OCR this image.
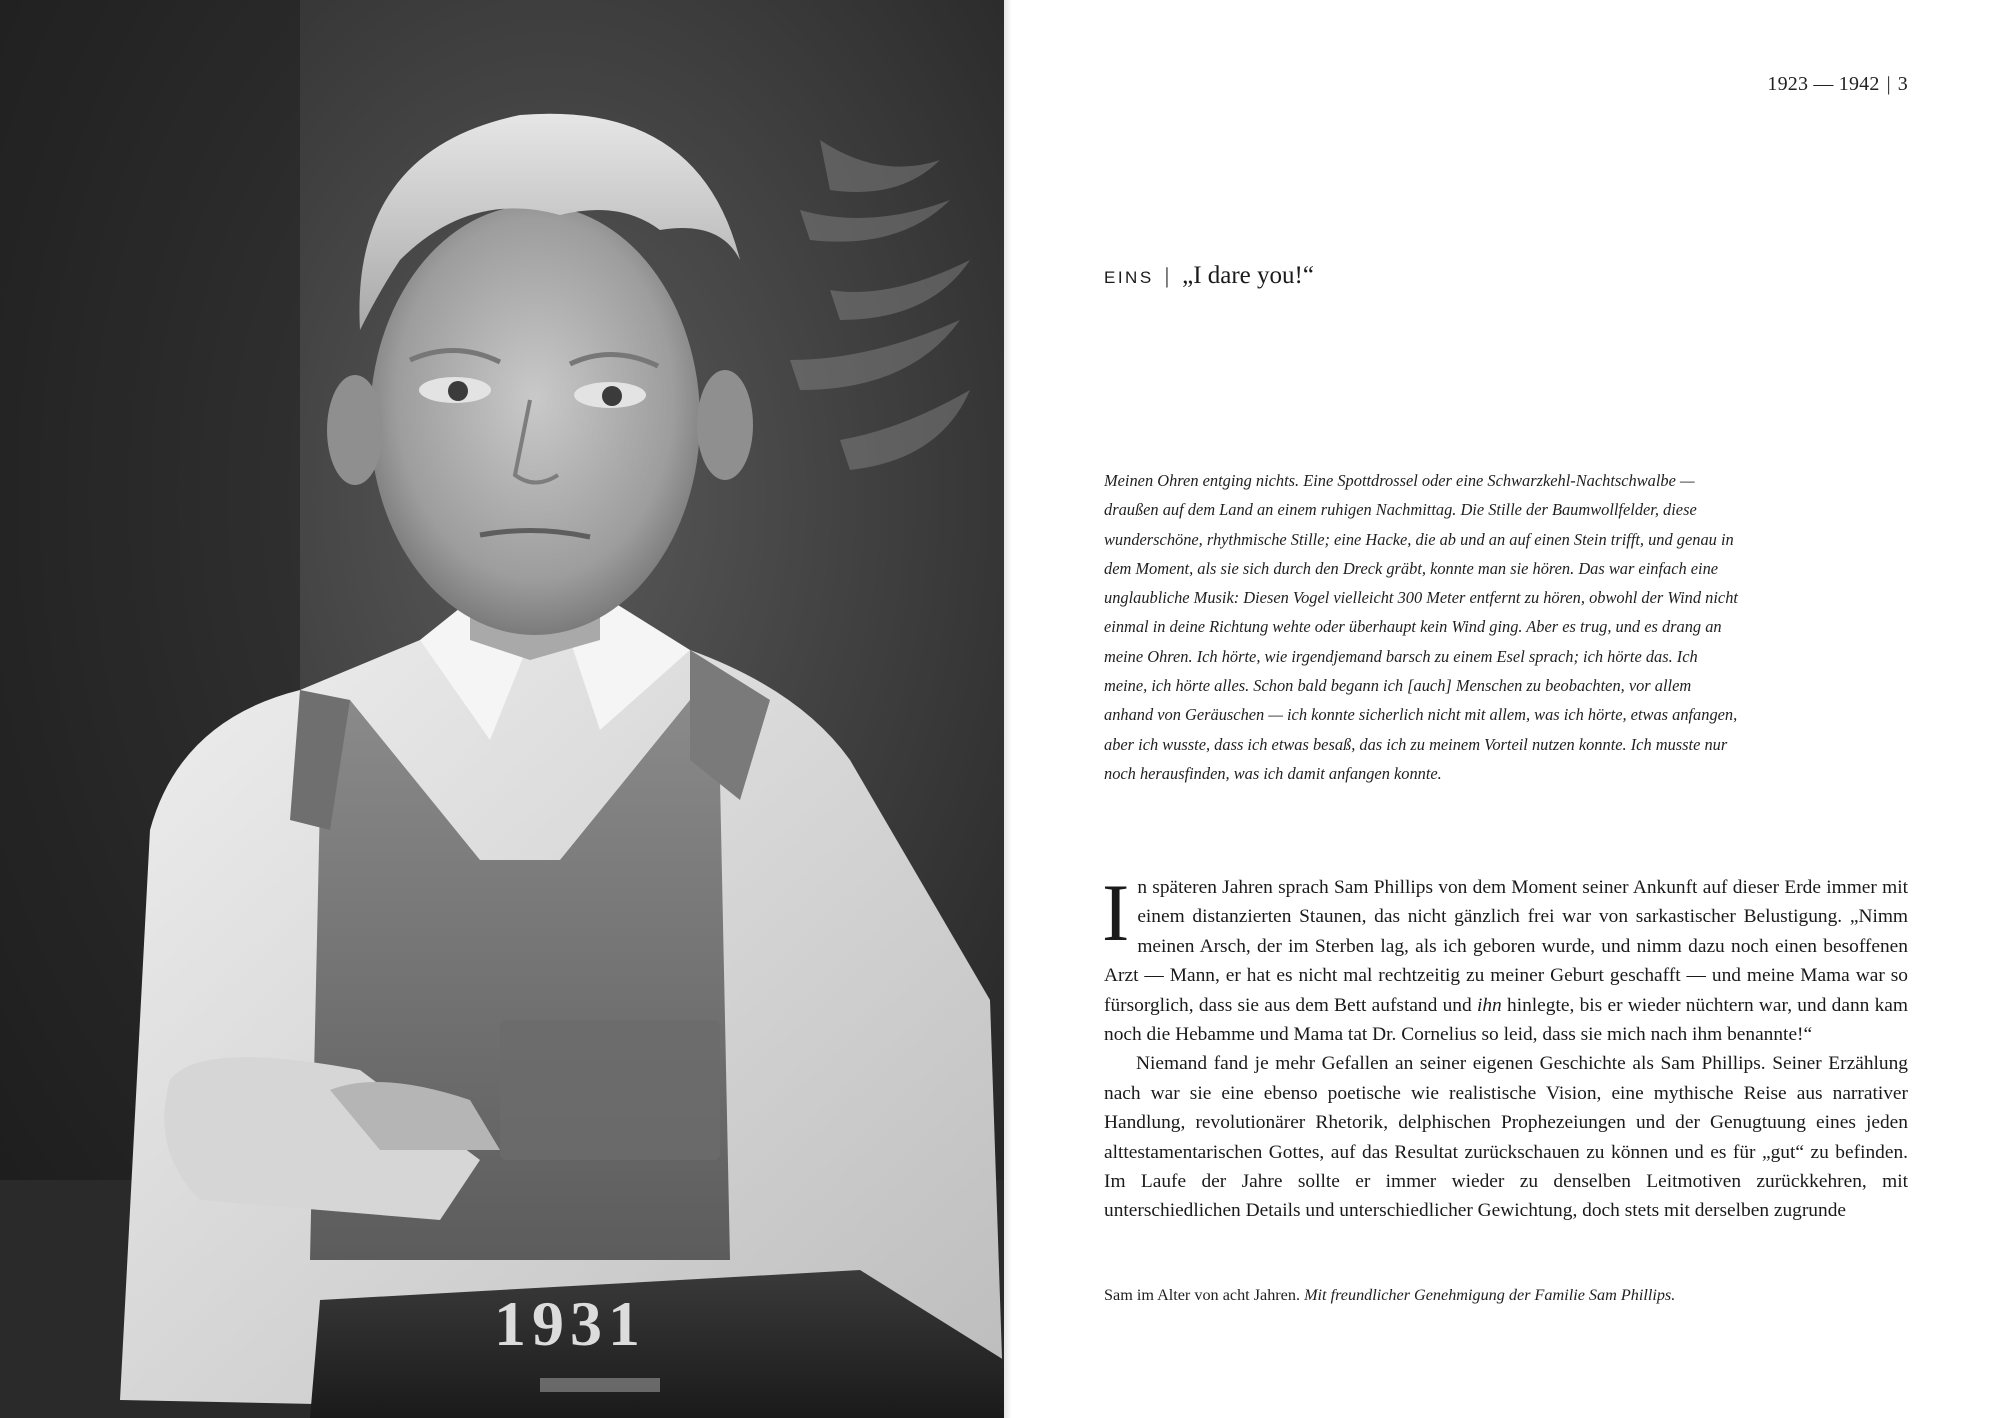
1931
1923 — 1942 | 3
EINS | „I dare you!“

Meinen Ohren entging nichts. Eine Spottdrossel oder eine Schwarzkehl-Nachtschwalbe — draußen auf dem Land an einem ruhigen Nachmittag. Die Stille der Baumwollfelder, diese wunderschöne, rhythmische Stille; eine Hacke, die ab und an auf einen Stein trifft, und genau in dem Moment, als sie sich durch den Dreck gräbt, konnte man sie hören. Das war einfach eine unglaubliche Musik: Diesen Vogel vielleicht 300 Meter entfernt zu hören, obwohl der Wind nicht einmal in deine Richtung wehte oder überhaupt kein Wind ging. Aber es trug, und es drang an meine Ohren. Ich hörte, wie irgendjemand barsch zu einem Esel sprach; ich hörte das. Ich meine, ich hörte alles. Schon bald begann ich [auch] Menschen zu beobachten, vor allem anhand von Geräuschen — ich konnte sicherlich nicht mit allem, was ich hörte, etwas anfangen, aber ich wusste, dass ich etwas besaß, das ich zu meinem Vorteil nutzen konnte. Ich musste nur noch herausfinden, was ich damit anfangen konnte.

In späteren Jahren sprach Sam Phillips von dem Moment seiner Ankunft auf dieser Erde immer mit einem distanzierten Staunen, das nicht gänzlich frei war von sarkastischer Belustigung. „Nimm meinen Arsch, der im Sterben lag, als ich geboren wurde, und nimm dazu noch einen besoffenen Arzt — Mann, er hat es nicht mal rechtzeitig zu meiner Geburt geschafft — und meine Mama war so fürsorglich, dass sie aus dem Bett aufstand und ihn hinlegte, bis er wieder nüchtern war, und dann kam noch die Hebamme und Mama tat Dr. Cornelius so leid, dass sie mich nach ihm benannte!“

Niemand fand je mehr Gefallen an seiner eigenen Geschichte als Sam Phillips. Seiner Erzählung nach war sie eine ebenso poetische wie realistische Vision, eine mythische Reise aus narrativer Handlung, revolutionärer Rhetorik, delphischen Prophezeiungen und der Genugtuung eines jeden alttestamentarischen Gottes, auf das Resultat zurückschauen zu können und es für „gut“ zu befinden. Im Laufe der Jahre sollte er immer wieder zu denselben Leitmotiven zurückkehren, mit unterschiedlichen Details und unterschiedlicher Gewichtung, doch stets mit derselben zugrunde

Sam im Alter von acht Jahren. Mit freundlicher Genehmigung der Familie Sam Phillips.
